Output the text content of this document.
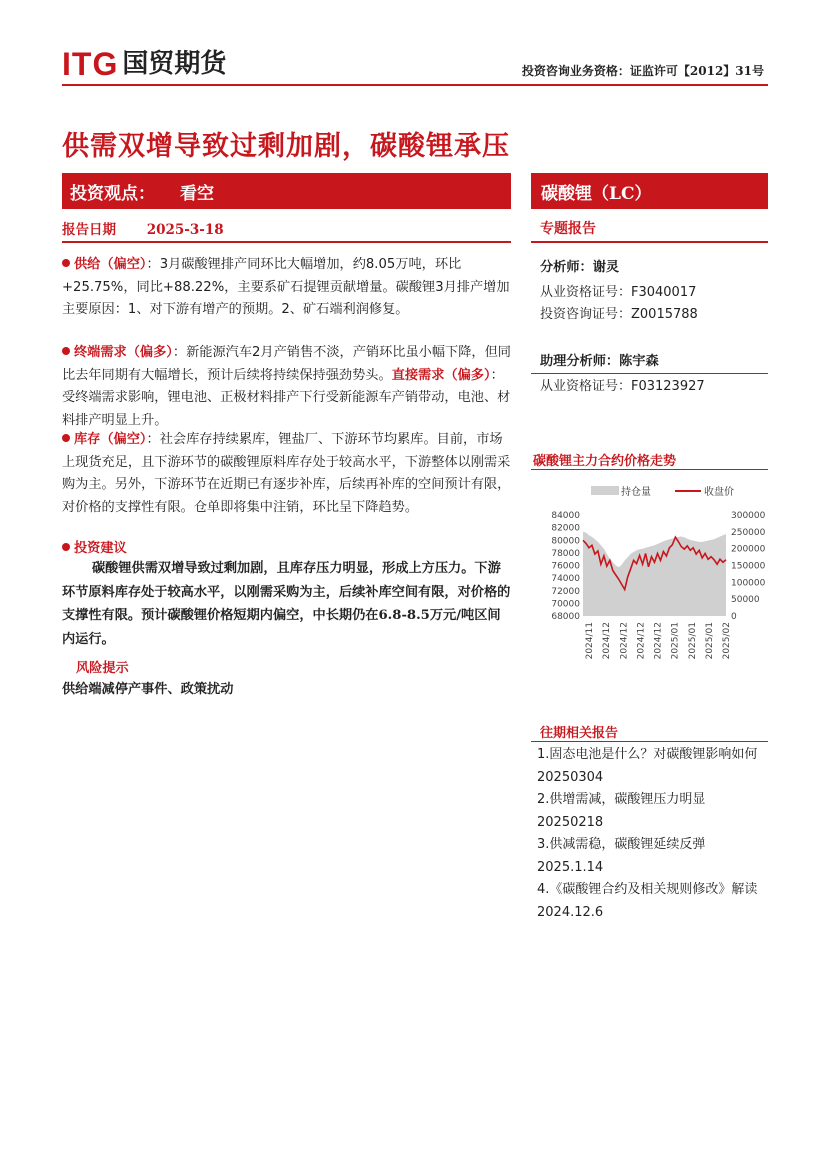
ITG 国贸期货	投资咨询业务资格：证监许可【2012】31号
供需双增导致过剩加剧，碳酸锂承压
投资观点：	看空
报告日期 2025-3-18
供给（偏空）：3月碳酸锂排产同环比大幅增加，约8.05万吨，环比+25.75%，同比+88.22%，主要系矿石提锂贡献增量。碳酸锂3月排产增加主要原因：1、对下游有增产的预期。2、矿石端利润修复。
终端需求（偏多）：新能源汽车2月产销售不淡，产销环比虽小幅下降，但同比去年同期有大幅增长，预计后续将持续保持强劲势头。直接需求（偏多）：受终端需求影响，锂电池、正极材料排产下行受新能源车产销带动，电池、材料排产明显上升。
库存（偏空）：社会库存持续累库，锂盐厂、下游环节均累库。目前，市场上现货充足，且下游环节的碳酸锂原料库存处于较高水平，下游整体以刚需采购为主。另外，下游环节在近期已有逐步补库，后续再补库的空间预计有限，对价格的支撑性有限。仓单即将集中注销，环比呈下降趋势。
投资建议
碳酸锂供需双增导致过剩加剧，且库存压力明显，形成上方压力。下游环节原料库存处于较高水平，以刚需采购为主，后续补库空间有限，对价格的支撑性有限。预计碳酸锂价格短期内偏空，中长期仍在6.8-8.5万元/吨区间内运行。
风险提示
供给端减停产事件、政策扰动
碳酸锂（LC）
专题报告
分析师：谢灵
从业资格证号：F3040017
投资咨询证号：Z0015788
助理分析师：陈宇森
从业资格证号：F03123927
碳酸锂主力合约价格走势
持仓量	收盘价
68000
70000
72000
74000
76000
78000
80000
82000
84000
0
50000
100000
150000
200000
250000
300000
2024/11 2024/12 2024/12 2024/12 2024/12 2025/01 2025/01 2025/01 2025/02
往期相关报告
1.固态电池是什么？对碳酸锂影响如何 20250304
2.供增需减，碳酸锂压力明显 20250218
3.供减需稳，碳酸锂延续反弹 2025.1.14
4.《碳酸锂合约及相关规则修改》解读 2024.12.6
